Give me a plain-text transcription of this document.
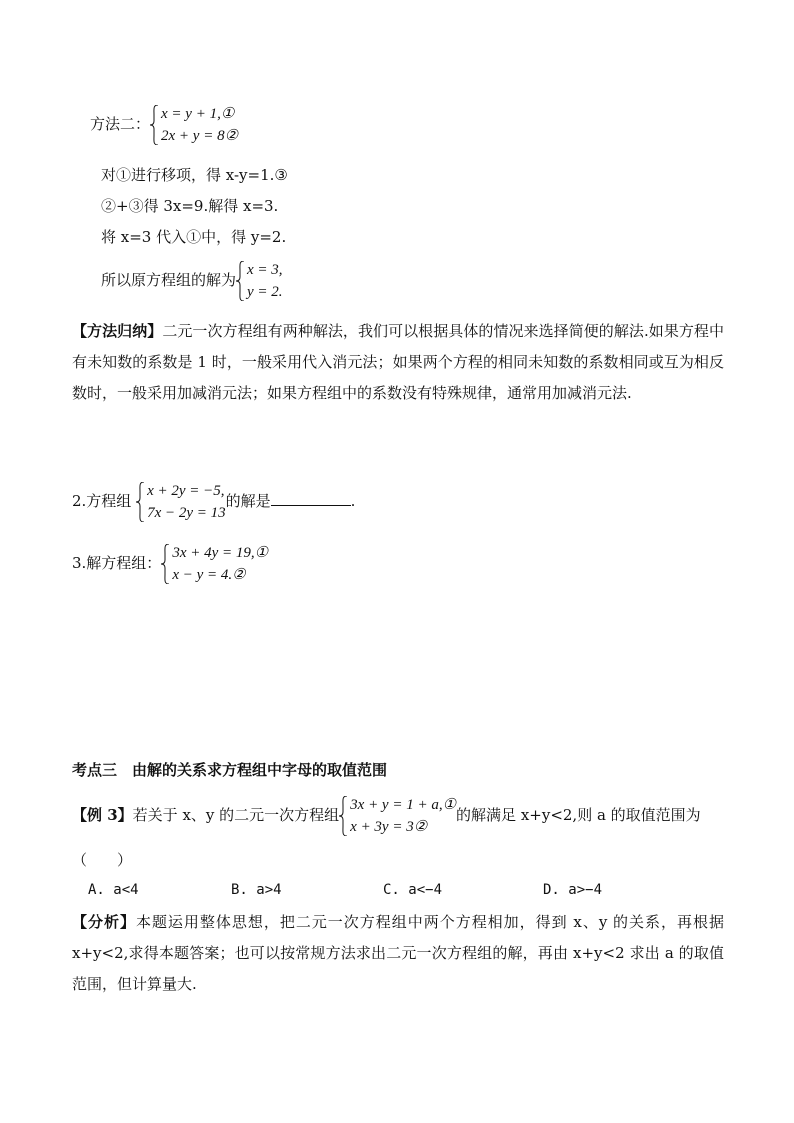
方法二：
x = y + 1,①
2x + y = 8②
对①进行移项，得 x-y=1.③
②+③得 3x=9.解得 x=3.
将 x=3 代入①中，得 y=2.
所以原方程组的解为
x = 3,
y = 2.
【方法归纳】二元一次方程组有两种解法，我们可以根据具体的情况来选择简便的解法.如果方程中有未知数的系数是 1 时，一般采用代入消元法；如果两个方程的相同未知数的系数相同或互为相反数时，一般采用加减消元法；如果方程组中的系数没有特殊规律，通常用加减消元法.
2.方程组
x + 2y = −5,
7x − 2y = 13
的解是	.
3.解方程组：
3x + 4y = 19,①
x − y = 4.②
考点三　由解的关系求方程组中字母的取值范围
【例 3】若关于 x、y 的二元一次方程组
3x + y = 1 + a,①
x + 3y = 3②
的解满足 x+y<2,则 a 的取值范围为
（　　）
A. a<4	B. a>4	C. a<−4	D. a>−4
【分析】本题运用整体思想，把二元一次方程组中两个方程相加，得到 x、y 的关系，再根据 x+y<2,求得本题答案；也可以按常规方法求出二元一次方程组的解，再由 x+y<2 求出 a 的取值范围，但计算量大.
